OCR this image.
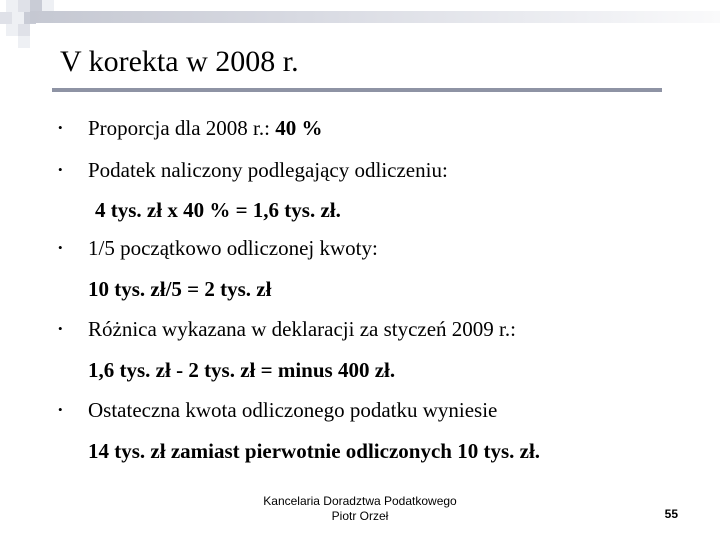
V korekta w 2008 r.
• Proporcja dla 2008 r.: 40 %
• Podatek naliczony podlegający odliczeniu:
4 tys. zł x 40 % = 1,6 tys. zł.
• 1/5 początkowo odliczonej kwoty:
10 tys. zł/5 = 2 tys. zł
• Różnica wykazana w deklaracji za styczeń 2009 r.:
1,6 tys. zł - 2 tys. zł = minus 400 zł.
• Ostateczna kwota odliczonego podatku wyniesie
14 tys. zł zamiast pierwotnie odliczonych 10 tys. zł.
Kancelaria Doradztwa Podatkowego
Piotr Orzeł	55
